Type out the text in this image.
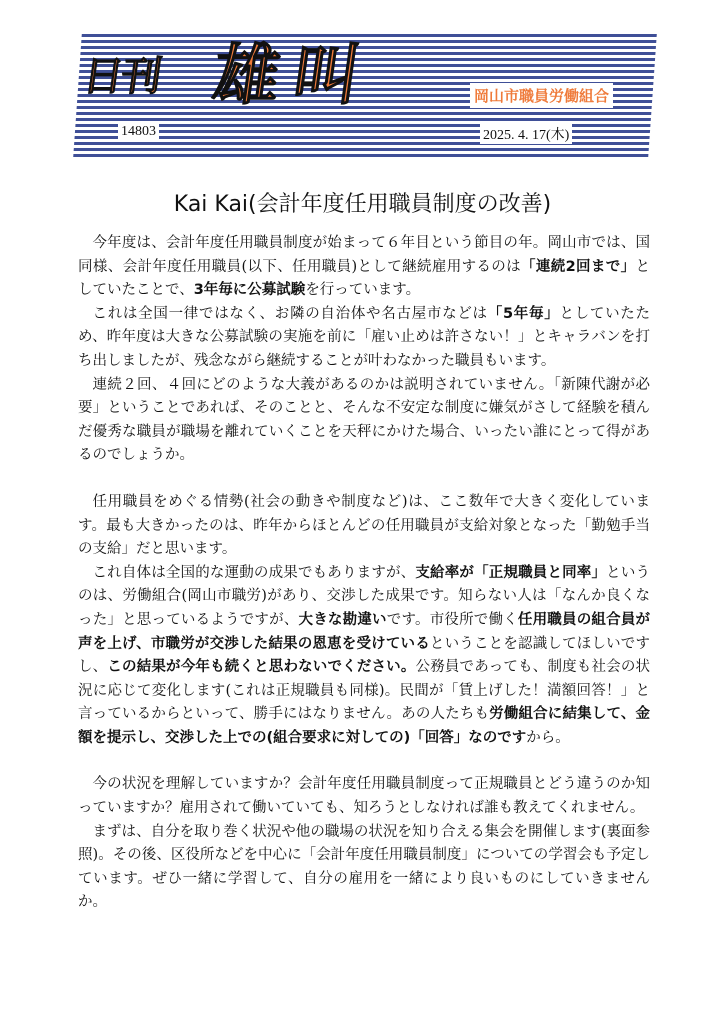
日刊 雄叫	岡山市職員労働組合
14803	2025. 4. 17(木)
Kai Kai(会計年度任用職員制度の改善)

今年度は、会計年度任用職員制度が始まって６年目という節目の年。岡山市では、国同様、会計年度任用職員(以下、任用職員)として継続雇用するのは「連続2回まで」としていたことで、3年毎に公募試験を行っています。

これは全国一律ではなく、お隣の自治体や名古屋市などは「5年毎」としていたため、昨年度は大きな公募試験の実施を前に「雇い止めは許さない！」とキャラバンを打ち出しましたが、残念ながら継続することが叶わなかった職員もいます。

連続２回、４回にどのような大義があるのかは説明されていません。「新陳代謝が必要」ということであれば、そのことと、そんな不安定な制度に嫌気がさして経験を積んだ優秀な職員が職場を離れていくことを天秤にかけた場合、いったい誰にとって得があるのでしょうか。

任用職員をめぐる情勢(社会の動きや制度など)は、ここ数年で大きく変化しています。最も大きかったのは、昨年からほとんどの任用職員が支給対象となった「勤勉手当の支給」だと思います。

これ自体は全国的な運動の成果でもありますが、支給率が「正規職員と同率」というのは、労働組合(岡山市職労)があり、交渉した成果です。知らない人は「なんか良くなった」と思っているようですが、大きな勘違いです。市役所で働く任用職員の組合員が声を上げ、市職労が交渉した結果の恩恵を受けているということを認識してほしいですし、この結果が今年も続くと思わないでください。公務員であっても、制度も社会の状況に応じて変化します(これは正規職員も同様)。民間が「賃上げした！満額回答！」と言っているからといって、勝手にはなりません。あの人たちも労働組合に結集して、金額を提示し、交渉した上での(組合要求に対しての)「回答」なのですから。

今の状況を理解していますか？会計年度任用職員制度って正規職員とどう違うのか知っていますか？雇用されて働いていても、知ろうとしなければ誰も教えてくれません。

まずは、自分を取り巻く状況や他の職場の状況を知り合える集会を開催します(裏面参照)。その後、区役所などを中心に「会計年度任用職員制度」についての学習会も予定しています。ぜひ一緒に学習して、自分の雇用を一緒により良いものにしていきませんか。
